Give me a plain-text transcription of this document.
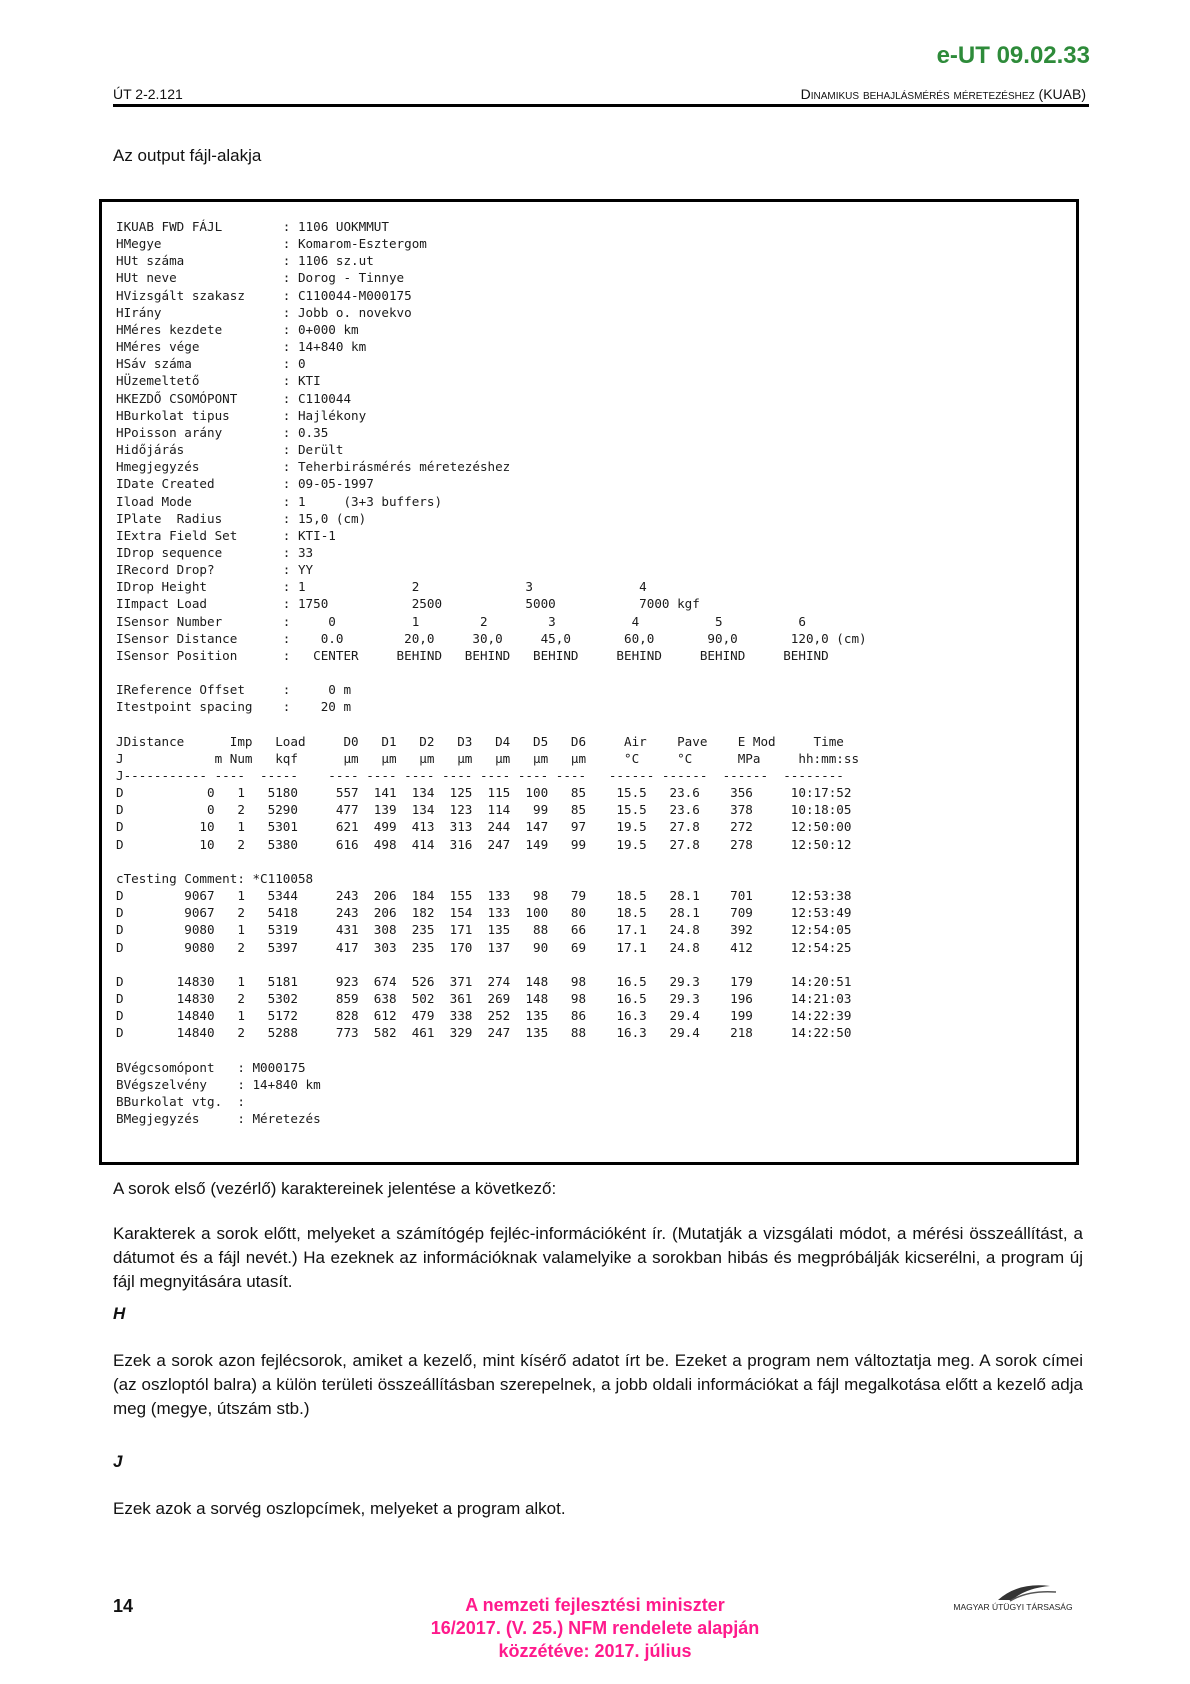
e-UT 09.02.33
ÚT 2-2.121	Dinamikus behajlásmérés méretezéshez (KUAB)
Az output fájl-alakja
IKUAB FWD FÁJL        : 1106 UOKMMUT
HMegye                : Komarom-Esztergom
HUt száma             : 1106 sz.ut
HUt neve              : Dorog - Tinnye
HVizsgált szakasz     : C110044-M000175
HIrány                : Jobb o. novekvo
HMéres kezdete        : 0+000 km
HMéres vége           : 14+840 km
HSáv száma            : 0
HÜzemeltető           : KTI
HKEZDŐ CSOMÓPONT      : C110044
HBurkolat tipus       : Hajlékony
HPoisson arány        : 0.35
Hidőjárás             : Derült
Hmegjegyzés           : Teherbirásmérés méretezéshez
IDate Created         : 09-05-1997
Iload Mode            : 1     (3+3 buffers)
IPlate  Radius        : 15,0 (cm)
IExtra Field Set      : KTI-1
IDrop sequence        : 33
IRecord Drop?         : YY
IDrop Height          : 1              2              3              4
IImpact Load          : 1750           2500           5000           7000 kgf
ISensor Number        :     0          1        2        3          4          5          6
ISensor Distance      :    0.0        20,0     30,0     45,0       60,0       90,0       120,0 (cm)
ISensor Position      :   CENTER     BEHIND   BEHIND   BEHIND     BEHIND     BEHIND     BEHIND

IReference Offset     :     0 m
Itestpoint spacing    :    20 m

JDistance      Imp   Load     D0   D1   D2   D3   D4   D5   D6     Air    Pave    E Mod     Time
J            m Num   kqf      µm   µm   µm   µm   µm   µm   µm     °C     °C      MPa     hh:mm:ss
J----------- ----  -----    ---- ---- ---- ---- ---- ---- ----   ------ ------  ------  --------
D           0   1   5180     557  141  134  125  115  100   85    15.5   23.6    356     10:17:52
D           0   2   5290     477  139  134  123  114   99   85    15.5   23.6    378     10:18:05
D          10   1   5301     621  499  413  313  244  147   97    19.5   27.8    272     12:50:00
D          10   2   5380     616  498  414  316  247  149   99    19.5   27.8    278     12:50:12

cTesting Comment: *C110058
D        9067   1   5344     243  206  184  155  133   98   79    18.5   28.1    701     12:53:38
D        9067   2   5418     243  206  182  154  133  100   80    18.5   28.1    709     12:53:49
D        9080   1   5319     431  308  235  171  135   88   66    17.1   24.8    392     12:54:05
D        9080   2   5397     417  303  235  170  137   90   69    17.1   24.8    412     12:54:25

D       14830   1   5181     923  674  526  371  274  148   98    16.5   29.3    179     14:20:51
D       14830   2   5302     859  638  502  361  269  148   98    16.5   29.3    196     14:21:03
D       14840   1   5172     828  612  479  338  252  135   86    16.3   29.4    199     14:22:39
D       14840   2   5288     773  582  461  329  247  135   88    16.3   29.4    218     14:22:50

BVégcsomópont   : M000175
BVégszelvény    : 14+840 km
BBurkolat vtg.  :
BMegjegyzés     : Méretezés

A sorok első (vezérlő) karaktereinek jelentése a következő:

Karakterek a sorok előtt, melyeket a számítógép fejléc-információként ír. (Mutatják a vizsgálati módot, a mérési összeállítást, a dátumot és a fájl nevét.) Ha ezeknek az információknak valamelyike a sorokban hibás és megpróbálják kicserélni, a program új fájl megnyitására utasít.

H

Ezek a sorok azon fejlécsorok, amiket a kezelő, mint kísérő adatot írt be. Ezeket a program nem változtatja meg. A sorok címei (az oszloptól balra) a külön területi összeállításban szerepelnek, a jobb oldali információkat a fájl megalkotása előtt a kezelő adja meg (megye, útszám stb.)

J

Ezek azok a sorvég oszlopcímek, melyeket a program alkot.

14	A nemzeti fejlesztési miniszter
16/2017. (V. 25.) NFM rendelete alapján
közzétéve: 2017. július
MAGYAR ÚTÜGYI TÁRSASÁG
